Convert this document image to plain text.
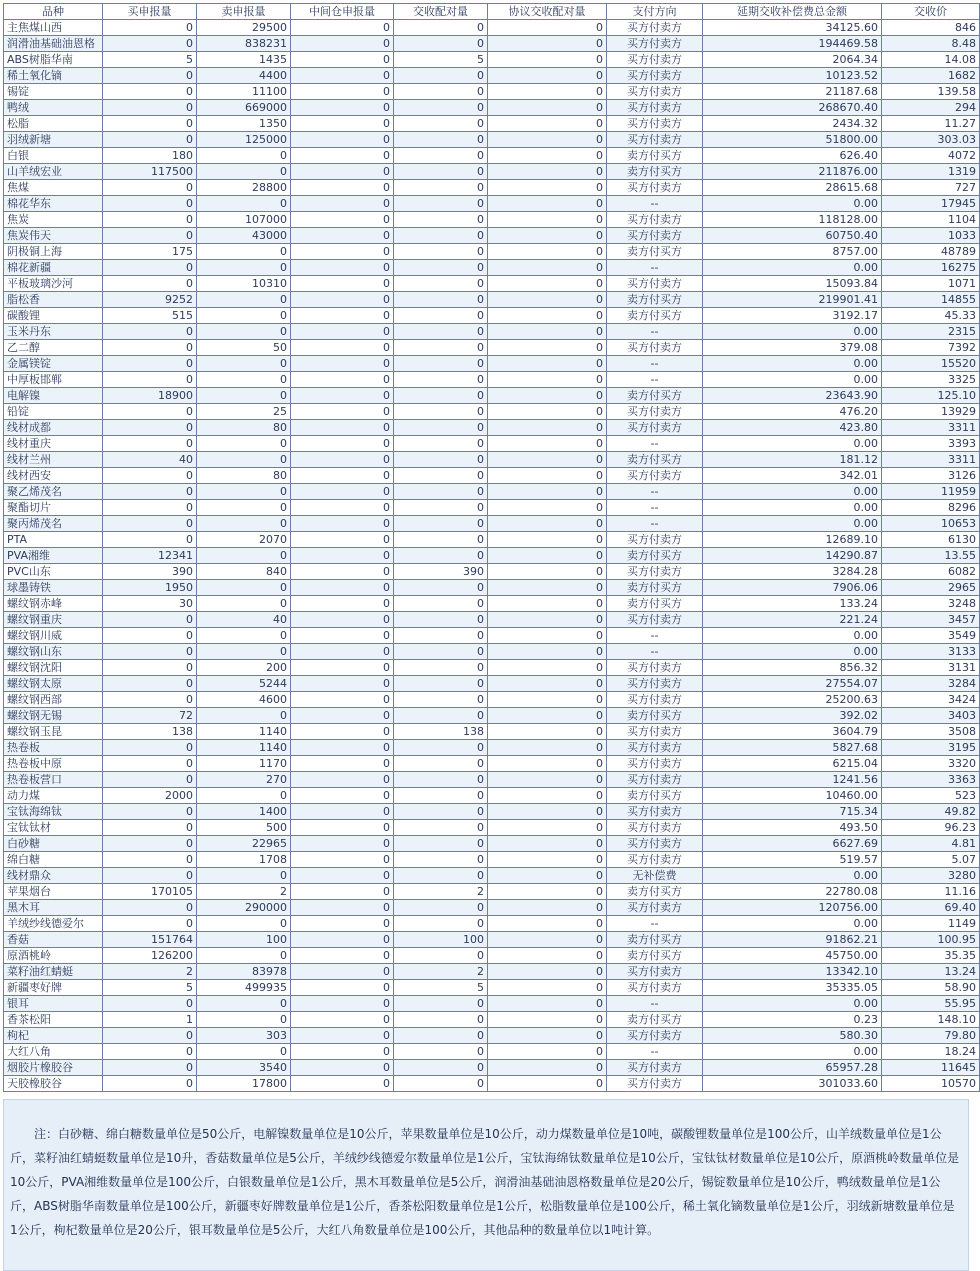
品种	买申报量	卖申报量	中间仓申报量	交收配对量	协议交收配对量	支付方向	延期交收补偿费总金额	交收价
主焦煤山西	0	29500	0	0	0	买方付卖方	34125.60	846
润滑油基础油恩格	0	838231	0	0	0	买方付卖方	194469.58	8.48
ABS树脂华南	5	1435	0	5	0	买方付卖方	2064.34	14.08
稀土氧化镝	0	4400	0	0	0	买方付卖方	10123.52	1682
锡锭	0	11100	0	0	0	买方付卖方	21187.68	139.58
鸭绒	0	669000	0	0	0	买方付卖方	268670.40	294
松脂	0	1350	0	0	0	买方付卖方	2434.32	11.27
羽绒新塘	0	125000	0	0	0	买方付卖方	51800.00	303.03
白银	180	0	0	0	0	卖方付买方	626.40	4072
山羊绒宏业	117500	0	0	0	0	卖方付买方	211876.00	1319
焦煤	0	28800	0	0	0	买方付卖方	28615.68	727
棉花华东	0	0	0	0	0	--	0.00	17945
焦炭	0	107000	0	0	0	买方付卖方	118128.00	1104
焦炭伟天	0	43000	0	0	0	买方付卖方	60750.40	1033
阴极铜上海	175	0	0	0	0	卖方付买方	8757.00	48789
棉花新疆	0	0	0	0	0	--	0.00	16275
平板玻璃沙河	0	10310	0	0	0	买方付卖方	15093.84	1071
脂松香	9252	0	0	0	0	卖方付买方	219901.41	14855
碳酸锂	515	0	0	0	0	卖方付买方	3192.17	45.33
玉米丹东	0	0	0	0	0	--	0.00	2315
乙二醇	0	50	0	0	0	买方付卖方	379.08	7392
金属镁锭	0	0	0	0	0	--	0.00	15520
中厚板邯郸	0	0	0	0	0	--	0.00	3325
电解镍	18900	0	0	0	0	卖方付买方	23643.90	125.10
铅锭	0	25	0	0	0	买方付卖方	476.20	13929
线材成都	0	80	0	0	0	买方付卖方	423.80	3311
线材重庆	0	0	0	0	0	--	0.00	3393
线材兰州	40	0	0	0	0	卖方付买方	181.12	3311
线材西安	0	80	0	0	0	买方付卖方	342.01	3126
聚乙烯茂名	0	0	0	0	0	--	0.00	11959
聚酯切片	0	0	0	0	0	--	0.00	8296
聚丙烯茂名	0	0	0	0	0	--	0.00	10653
PTA	0	2070	0	0	0	买方付卖方	12689.10	6130
PVA湘维	12341	0	0	0	0	卖方付买方	14290.87	13.55
PVC山东	390	840	0	390	0	买方付卖方	3284.28	6082
球墨铸铁	1950	0	0	0	0	卖方付买方	7906.06	2965
螺纹钢赤峰	30	0	0	0	0	卖方付买方	133.24	3248
螺纹钢重庆	0	40	0	0	0	买方付卖方	221.24	3457
螺纹钢川威	0	0	0	0	0	--	0.00	3549
螺纹钢山东	0	0	0	0	0	--	0.00	3133
螺纹钢沈阳	0	200	0	0	0	买方付卖方	856.32	3131
螺纹钢太原	0	5244	0	0	0	买方付卖方	27554.07	3284
螺纹钢西部	0	4600	0	0	0	买方付卖方	25200.63	3424
螺纹钢无锡	72	0	0	0	0	卖方付买方	392.02	3403
螺纹钢玉昆	138	1140	0	138	0	买方付卖方	3604.79	3508
热卷板	0	1140	0	0	0	买方付卖方	5827.68	3195
热卷板中原	0	1170	0	0	0	买方付卖方	6215.04	3320
热卷板营口	0	270	0	0	0	买方付卖方	1241.56	3363
动力煤	2000	0	0	0	0	卖方付买方	10460.00	523
宝钛海绵钛	0	1400	0	0	0	买方付卖方	715.34	49.82
宝钛钛材	0	500	0	0	0	买方付卖方	493.50	96.23
白砂糖	0	22965	0	0	0	买方付卖方	6627.69	4.81
绵白糖	0	1708	0	0	0	买方付卖方	519.57	5.07
线材鼎众	0	0	0	0	0	无补偿费	0.00	3280
苹果烟台	170105	2	0	2	0	卖方付买方	22780.08	11.16
黑木耳	0	290000	0	0	0	买方付卖方	120756.00	69.40
羊绒纱线德爱尔	0	0	0	0	0	--	0.00	1149
香菇	151764	100	0	100	0	卖方付买方	91862.21	100.95
原酒桃岭	126200	0	0	0	0	卖方付买方	45750.00	35.35
菜籽油红蜻蜓	2	83978	0	2	0	买方付卖方	13342.10	13.24
新疆枣好牌	5	499935	0	5	0	买方付卖方	35335.05	58.90
银耳	0	0	0	0	0	--	0.00	55.95
香茶松阳	1	0	0	0	0	卖方付买方	0.23	148.10
枸杞	0	303	0	0	0	买方付卖方	580.30	79.80
大红八角	0	0	0	0	0	--	0.00	18.24
烟胶片橡胶谷	0	3540	0	0	0	买方付卖方	65957.28	11645
天胶橡胶谷	0	17800	0	0	0	买方付卖方	301033.60	10570
注：白砂糖、绵白糖数量单位是50公斤，电解镍数量单位是10公斤，苹果数量单位是10公斤，动力煤数量单位是10吨，碳酸锂数量单位是100公斤，山羊绒数量单位是1公斤，菜籽油红蜻蜓数量单位是10升，香菇数量单位是5公斤，羊绒纱线德爱尔数量单位是1公斤，宝钛海绵钛数量单位是10公斤，宝钛钛材数量单位是10公斤，原酒桃岭数量单位是10公斤，PVA湘维数量单位是100公斤，白银数量单位是1公斤，黑木耳数量单位是5公斤，润滑油基础油恩格数量单位是20公斤，锡锭数量单位是10公斤，鸭绒数量单位是1公斤，ABS树脂华南数量单位是100公斤，新疆枣好牌数量单位是1公斤，香茶松阳数量单位是1公斤，松脂数量单位是100公斤，稀土氧化镝数量单位是1公斤，羽绒新塘数量单位是1公斤，枸杞数量单位是20公斤，银耳数量单位是5公斤，大红八角数量单位是100公斤，其他品种的数量单位以1吨计算。
